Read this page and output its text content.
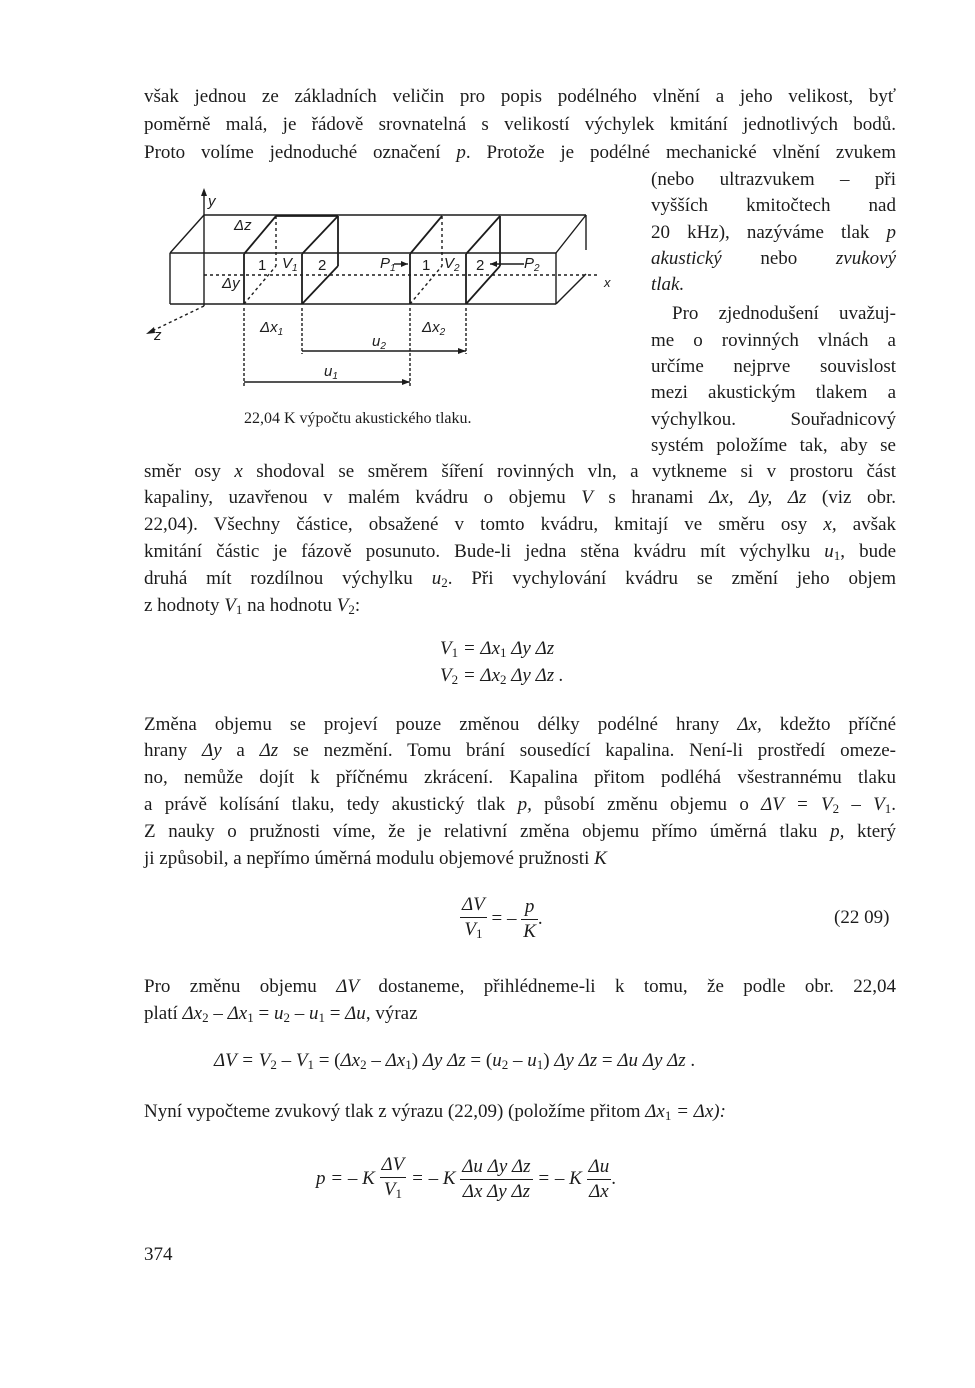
však jednou ze základních veličin pro popis podélného vlnění a jeho velikost, byť

poměrně malá, je řádově srovnatelná s velikostí výchylek kmitání jednotlivých bodů.

Proto volíme jednoduché označení p. Protože je podélné mechanické vlnění zvukem

(nebo ultrazvukem – při

vyšších kmitočtech nad

20 kHz), nazýváme tlak p

akustický nebo zvukový

tlak.

Pro zjednodušení uvažuj-

me o rovinných vlnách a

určíme nejprve souvislost

mezi akustickým tlakem a

výchylkou. Souřadnicový

systém položíme tak, aby se

y
x
z
Δz
Δy
$\Delta x_1$	$\Delta x_2$
1 $V_1$ 2	$P_1$ 1 $V_2$ 2	$P_2$
$u_2$
$u_1$
22,04 K výpočtu akustického tlaku.

směr osy x shodoval se směrem šíření rovinných vln, a vytkneme si v prostoru část

kapaliny, uzavřenou v malém kvádru o objemu V s hranami Δx, Δy, Δz (viz obr.

22,04). Všechny částice, obsažené v tomto kvádru, kmitají ve směru osy x, avšak

kmitání částic je fázově posunuto. Bude-li jedna stěna kvádru mít výchylku $u_1$, bude

druhá mít rozdílnou výchylku $u_2$. Při vychylování kvádru se změní jeho objem

z hodnoty $V_1$ na hodnotu $V_2$:

$V_1 = \Delta x_1$ Δy Δz
$V_2 = \Delta x_2$ Δy Δz .

Změna objemu se projeví pouze změnou délky podélné hrany Δx, kdežto příčné

hrany Δy a Δz se nezmění. Tomu brání sousedící kapalina. Není-li prostředí omeze-

no, nemůže dojít k příčnému zkrácení. Kapalina přitom podléhá všestrannému tlaku

a právě kolísání tlaku, tedy akustický tlak p, působí změnu objemu o $\Delta V = V_2 - V_1$.

Z nauky o pružnosti víme, že je relativní změna objemu přímo úměrná tlaku p, který

ji způsobil, a nepřímo úměrná modulu objemové pružnosti K

$\frac{\Delta V}{V_1}$ = – $\frac{p}{K}$ .	(22 09)

Pro změnu objemu ΔV dostaneme, přihlédneme-li k tomu, že podle obr. 22,04

platí $\Delta x_2 - \Delta x_1 = u_2 - u_1 = \Delta u$, výraz

$\Delta V = V_2 - V_1 = (\Delta x_2 - \Delta x_1)$ Δy $\Delta z = (u_2 - u_1)$ Δy Δz = Δu Δy Δz .

Nyní vypočteme zvukový tlak z výrazu (22,09) (položíme přitom $\Delta x_1 = \Delta x$):

p = – K $\frac{\Delta V}{V_1}$ = – K $\frac{\text{Δu Δy Δz}}{\text{Δx Δy Δz}}$ = – K $\frac{\Delta u}{\Delta x}$ .
374
